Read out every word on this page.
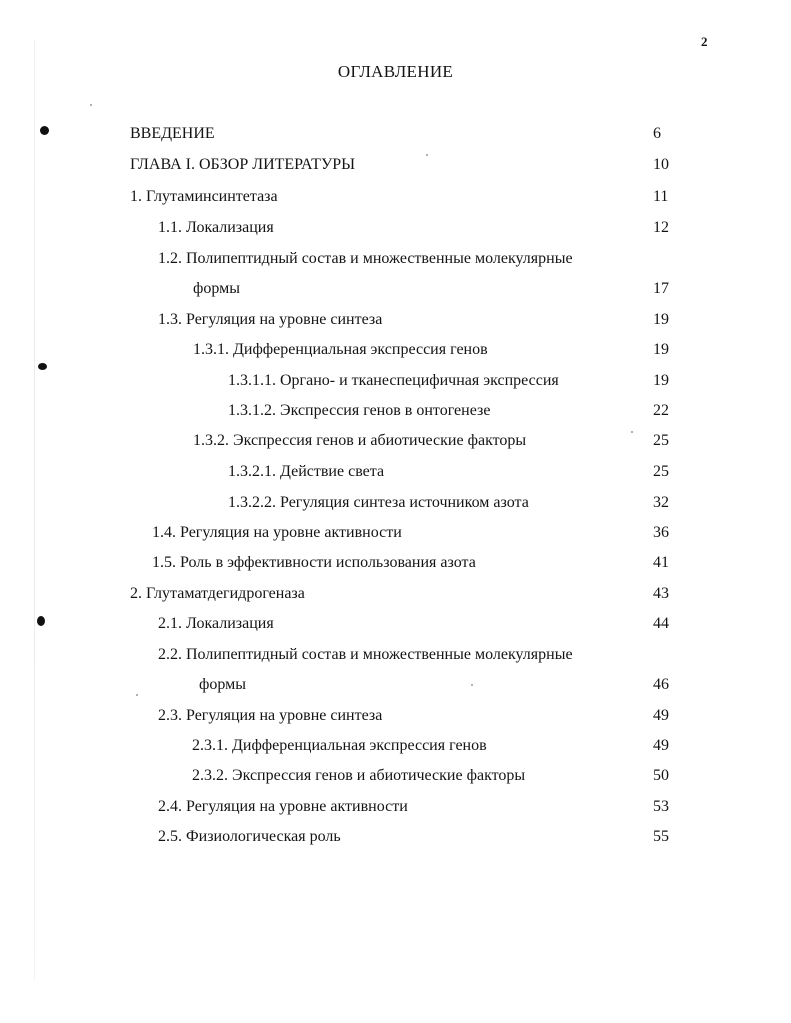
2
ОГЛАВЛЕНИЕ
ВВЕДЕНИЕ	6
ГЛАВА I. ОБЗОР ЛИТЕРАТУРЫ	10
1. Глутаминсинтетаза	11
1.1. Локализация	12
1.2. Полипептидный состав и множественные молекулярные
формы	17
1.3. Регуляция на уровне синтеза	19
1.3.1. Дифференциальная экспрессия генов	19
1.3.1.1. Органо- и тканеспецифичная экспрессия	19
1.3.1.2. Экспрессия генов в онтогенезе	22
1.3.2. Экспрессия генов и абиотические факторы	25
1.3.2.1. Действие света	25
1.3.2.2. Регуляция синтеза источником азота	32
1.4. Регуляция на уровне активности	36
1.5. Роль в эффективности использования азота	41
2. Глутаматдегидрогеназа	43
2.1. Локализация	44
2.2. Полипептидный состав и множественные молекулярные
формы	46
2.3. Регуляция на уровне синтеза	49
2.3.1. Дифференциальная экспрессия генов	49
2.3.2. Экспрессия генов и абиотические факторы	50
2.4. Регуляция на уровне активности	53
2.5. Физиологическая роль	55
